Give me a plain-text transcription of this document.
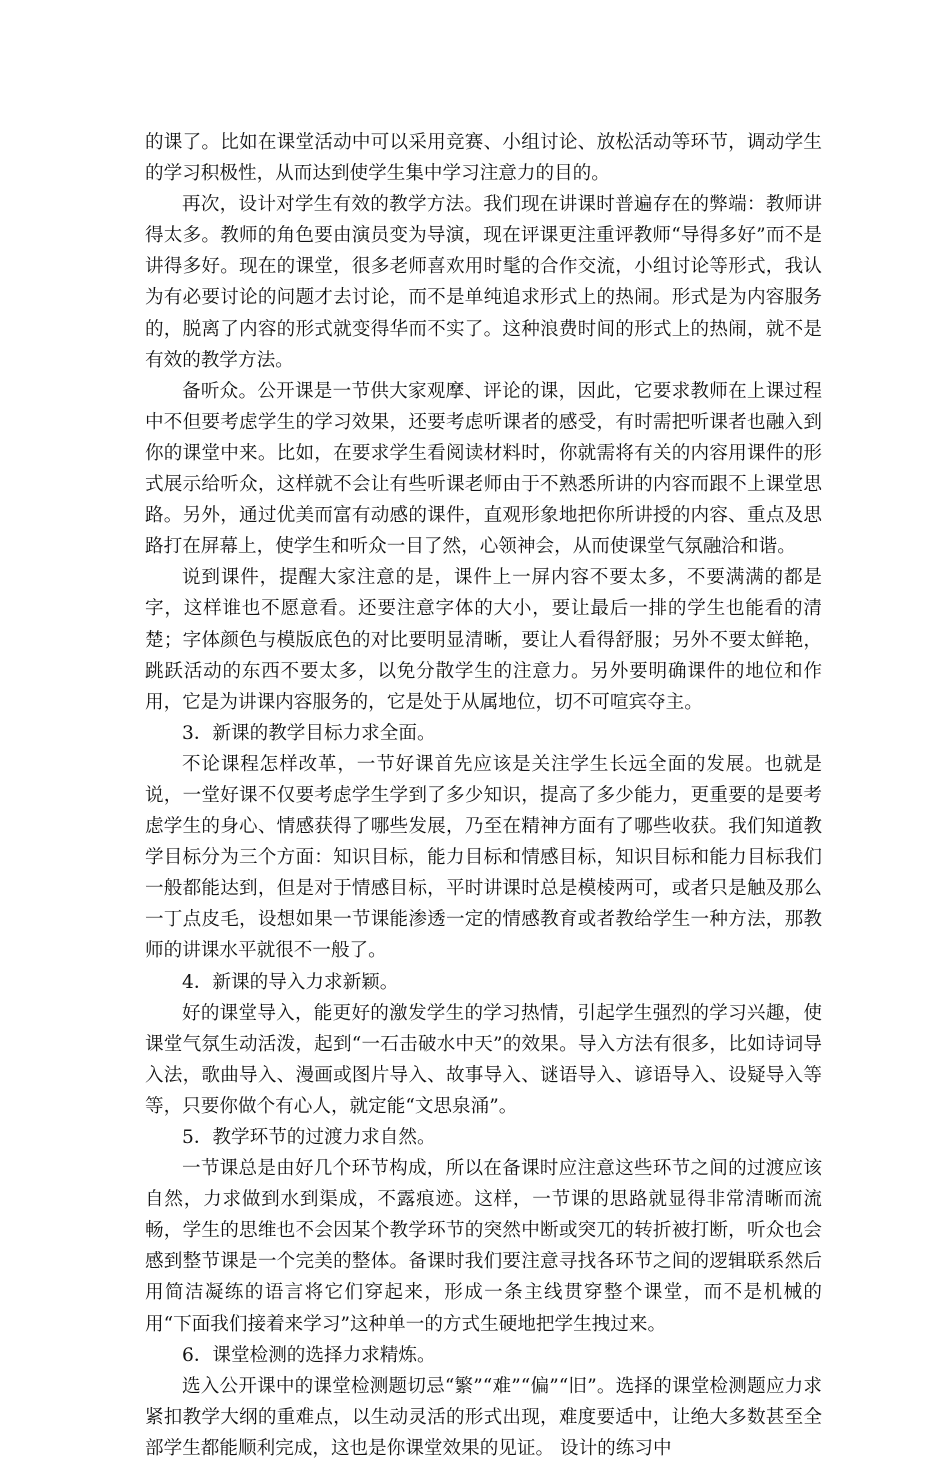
的课了。比如在课堂活动中可以采用竞赛、小组讨论、放松活动等环节，调动学生的学习积极性，从而达到使学生集中学习注意力的目的。

再次，设计对学生有效的教学方法。我们现在讲课时普遍存在的弊端：教师讲得太多。教师的角色要由演员变为导演，现在评课更注重评教师“导得多好”而不是讲得多好。现在的课堂，很多老师喜欢用时髦的合作交流，小组讨论等形式，我认为有必要讨论的问题才去讨论，而不是单纯追求形式上的热闹。形式是为内容服务的，脱离了内容的形式就变得华而不实了。这种浪费时间的形式上的热闹，就不是有效的教学方法。

备听众。公开课是一节供大家观摩、评论的课，因此，它要求教师在上课过程中不但要考虑学生的学习效果，还要考虑听课者的感受，有时需把听课者也融入到你的课堂中来。比如，在要求学生看阅读材料时，你就需将有关的内容用课件的形式展示给听众，这样就不会让有些听课老师由于不熟悉所讲的内容而跟不上课堂思路。另外，通过优美而富有动感的课件，直观形象地把你所讲授的内容、重点及思路打在屏幕上，使学生和听众一目了然，心领神会，从而使课堂气氛融洽和谐。

说到课件，提醒大家注意的是，课件上一屏内容不要太多，不要满满的都是字，这样谁也不愿意看。还要注意字体的大小，要让最后一排的学生也能看的清楚；字体颜色与模版底色的对比要明显清晰，要让人看得舒服；另外不要太鲜艳，跳跃活动的东西不要太多，以免分散学生的注意力。另外要明确课件的地位和作用，它是为讲课内容服务的，它是处于从属地位，切不可喧宾夺主。

3．新课的教学目标力求全面。

不论课程怎样改革，一节好课首先应该是关注学生长远全面的发展。也就是说，一堂好课不仅要考虑学生学到了多少知识，提高了多少能力，更重要的是要考虑学生的身心、情感获得了哪些发展，乃至在精神方面有了哪些收获。我们知道教学目标分为三个方面：知识目标，能力目标和情感目标，知识目标和能力目标我们一般都能达到，但是对于情感目标，平时讲课时总是模棱两可，或者只是触及那么一丁点皮毛，设想如果一节课能渗透一定的情感教育或者教给学生一种方法，那教师的讲课水平就很不一般了。

4．新课的导入力求新颖。

好的课堂导入，能更好的激发学生的学习热情，引起学生强烈的学习兴趣，使课堂气氛生动活泼，起到“一石击破水中天”的效果。导入方法有很多，比如诗词导入法，歌曲导入、漫画或图片导入、故事导入、谜语导入、谚语导入、设疑导入等等，只要你做个有心人，就定能“文思泉涌”。

5．教学环节的过渡力求自然。

一节课总是由好几个环节构成，所以在备课时应注意这些环节之间的过渡应该自然，力求做到水到渠成，不露痕迹。这样，一节课的思路就显得非常清晰而流畅，学生的思维也不会因某个教学环节的突然中断或突兀的转折被打断，听众也会感到整节课是一个完美的整体。备课时我们要注意寻找各环节之间的逻辑联系然后用简洁凝练的语言将它们穿起来，形成一条主线贯穿整个课堂，而不是机械的用“下面我们接着来学习”这种单一的方式生硬地把学生拽过来。

6．课堂检测的选择力求精炼。

选入公开课中的课堂检测题切忌“繁”“难”“偏”“旧”。选择的课堂检测题应力求紧扣教学大纲的重难点，以生动灵活的形式出现，难度要适中，让绝大多数甚至全部学生都能顺利完成，这也是你课堂效果的见证。 设计的练习中
